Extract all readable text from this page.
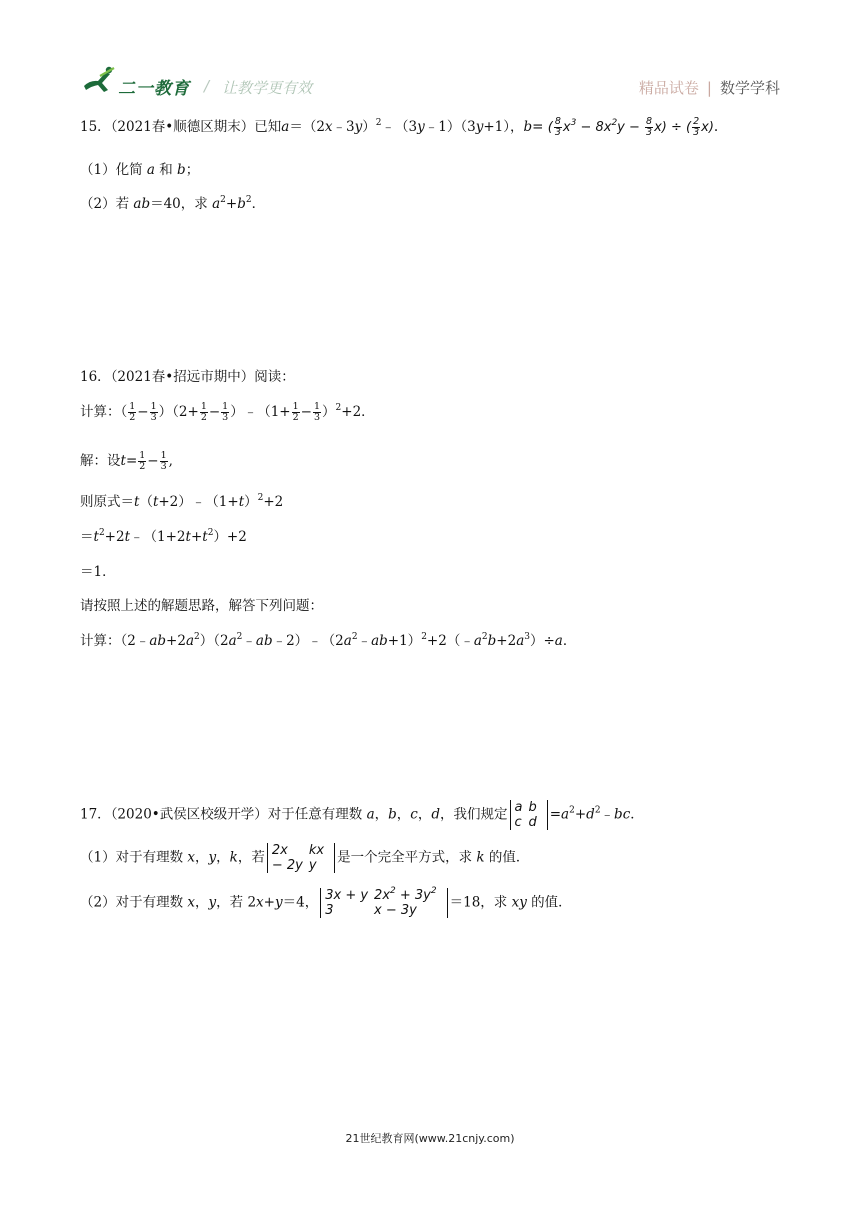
二一教育 / 让教学更有效	精品试卷 | 数学学科
15．（2021春•顺德区期末）已知a＝（2x﹣3y）$^2$﹣（3y﹣1）（3y+1），b= ( $\frac{8}{3} x^3 - 8x^2y - \frac{8}{3} x$) ÷ ( $\frac{2}{3} x$).
（1）化简 a 和 b；
（2）若 ab＝40，求 $a^2+b^2$．
16．（2021春•招远市期中）阅读：
计算：（ $\frac{1}{2} - \frac{1}{3} )(2+ \frac{1}{2} - \frac{1}{3}$ ）﹣（1+ $\frac{1}{2} - \frac{1}{3} )^2+2$．
解：设$t= \frac{1}{2} - \frac{1}{3}$ ,
则原式$=t(t+2)﹣(1+t)^2+2$
$=t^2+2t﹣(1+2t+t^2)+2$
＝1．
请按照上述的解题思路，解答下列问题：
计算：$(2﹣ab+2a^2)(2a^2﹣ab﹣2)﹣(2a^2﹣ab+1)^2+2(﹣a^2b+2a^3)\div a$．
17．（2020•武侯区校级开学）对于任意有理数 a，b，c，d，我们规定 a	b
c	$d =a^2+d^2﹣bc$．
（1）对于有理数 x，y，k，若 2x	kx
− 2y	y 是一个完全平方式，求 k 的值．
（2）对于有理数 x，y，若 2x+y＝4， 3x + y	$2x^2 + 3y^2$
3	x − 3y ＝18，求 xy 的值．
21世纪教育网(www.21cnjy.com)
